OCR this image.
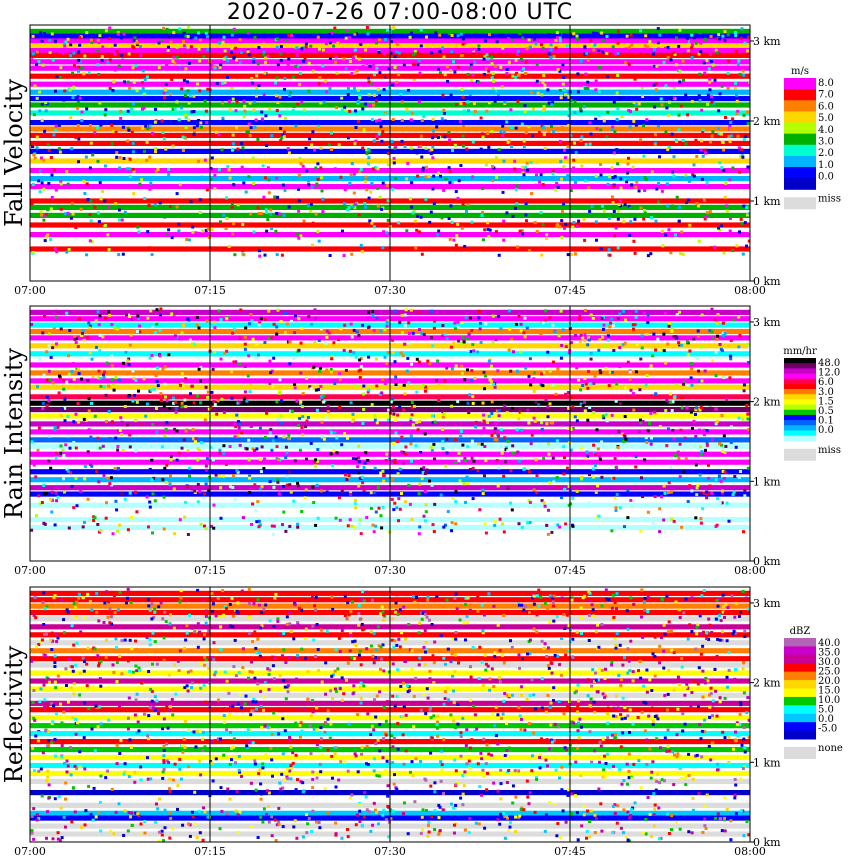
2020-07-26 07:00-08:00 UTC
07:00	07:15	07:30	07:45	08:00
0 km
1 km
2 km
3 km
Fall Velocity
m/s
8.0
7.0
6.0
5.0
4.0
3.0
2.0
1.0
0.0
miss
07:00	07:15	07:30	07:45	08:00
0 km
1 km
2 km
3 km
Rain Intensity	mm/hr
48.0
12.0
6.0
3.0
1.5
0.5
0.1
0.0
miss
07:00	07:15	07:30	07:45	08:00
0 km
1 km
2 km
3 km
Reflectivity
dBZ
40.0
35.0
30.0
25.0
20.0
15.0
10.0
5.0
0.0
-5.0
none
